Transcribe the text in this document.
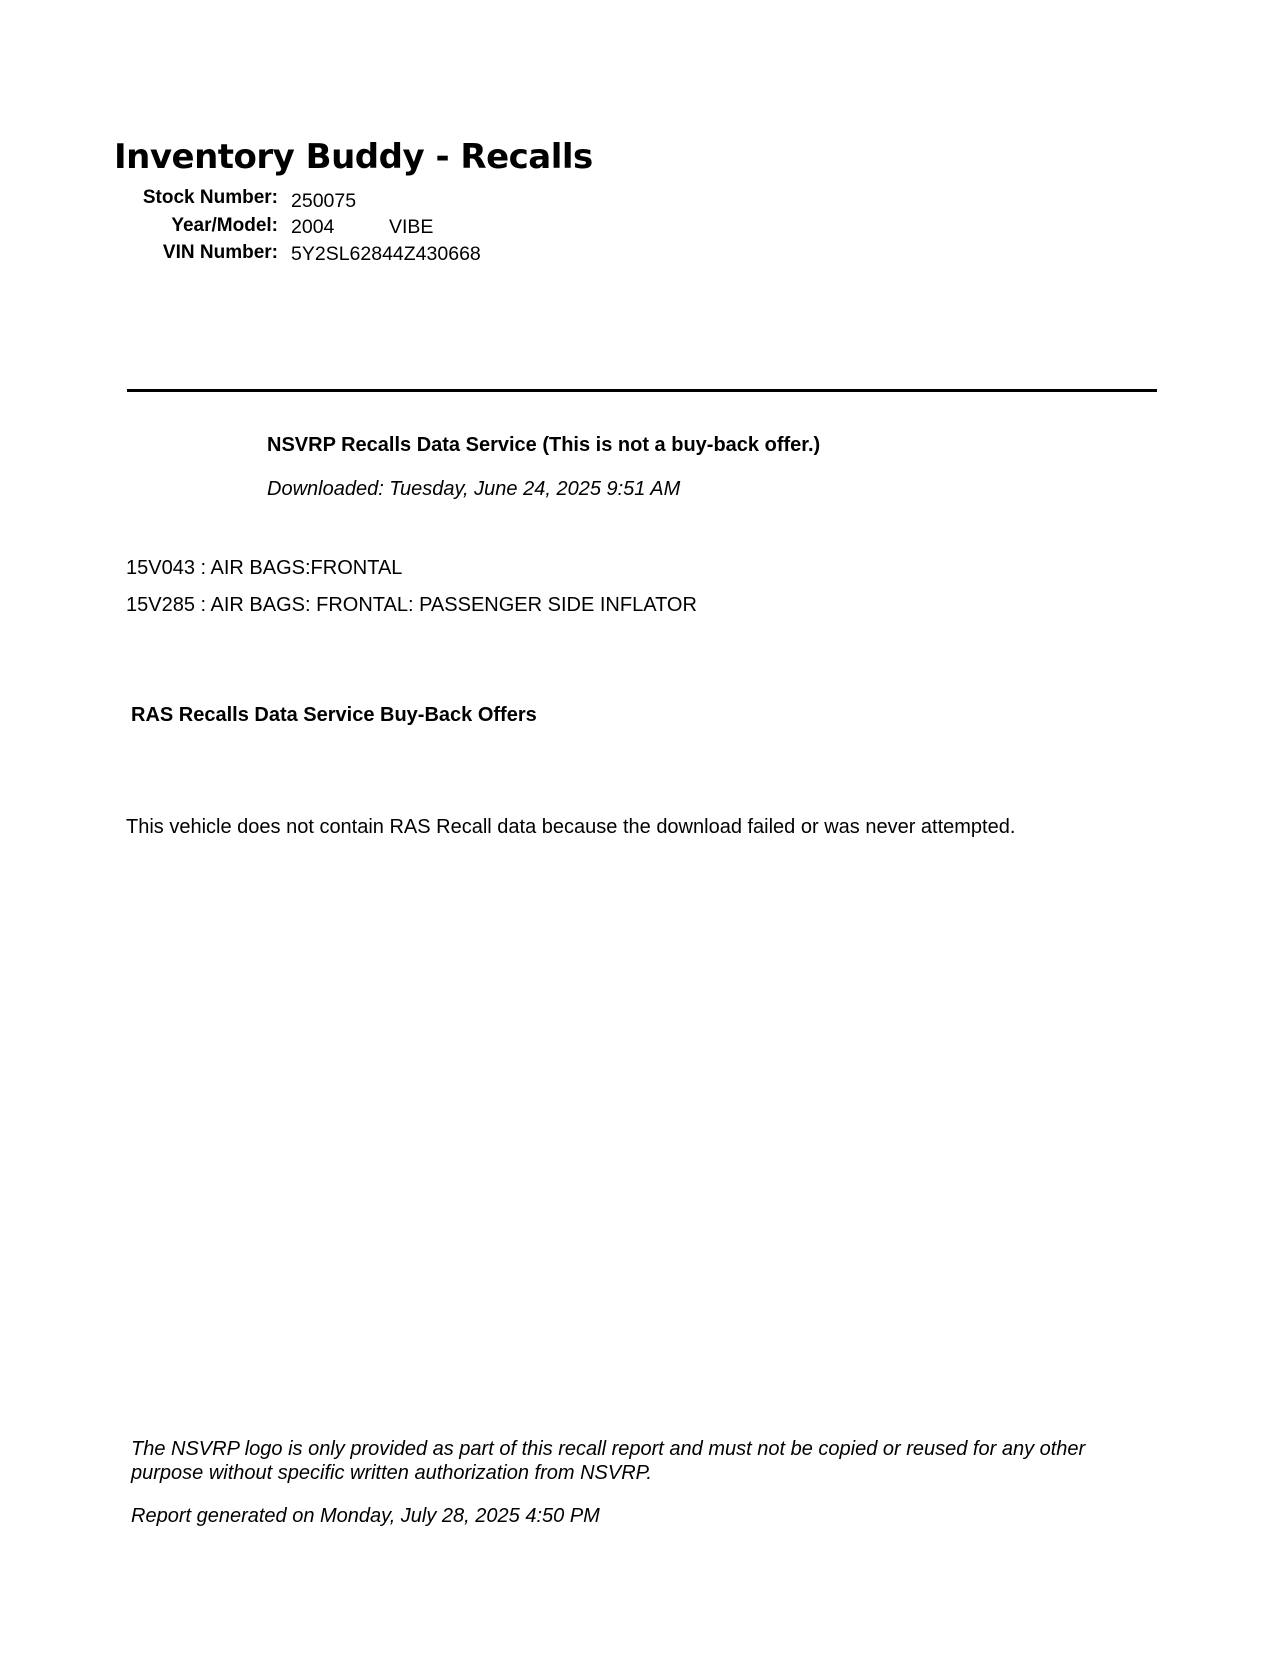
Inventory Buddy - Recalls
Stock Number: 250075
Year/Model: 2004	VIBE
VIN Number: 5Y2SL62844Z430668
NSVRP Recalls Data Service (This is not a buy-back offer.)
Downloaded: Tuesday, June 24, 2025 9:51 AM
15V043 : AIR BAGS:FRONTAL
15V285 : AIR BAGS: FRONTAL: PASSENGER SIDE INFLATOR
RAS Recalls Data Service Buy-Back Offers
This vehicle does not contain RAS Recall data because the download failed or was never attempted.
The NSVRP logo is only provided as part of this recall report and must not be copied or reused for any other purpose without specific written authorization from NSVRP.
Report generated on Monday, July 28, 2025 4:50 PM
